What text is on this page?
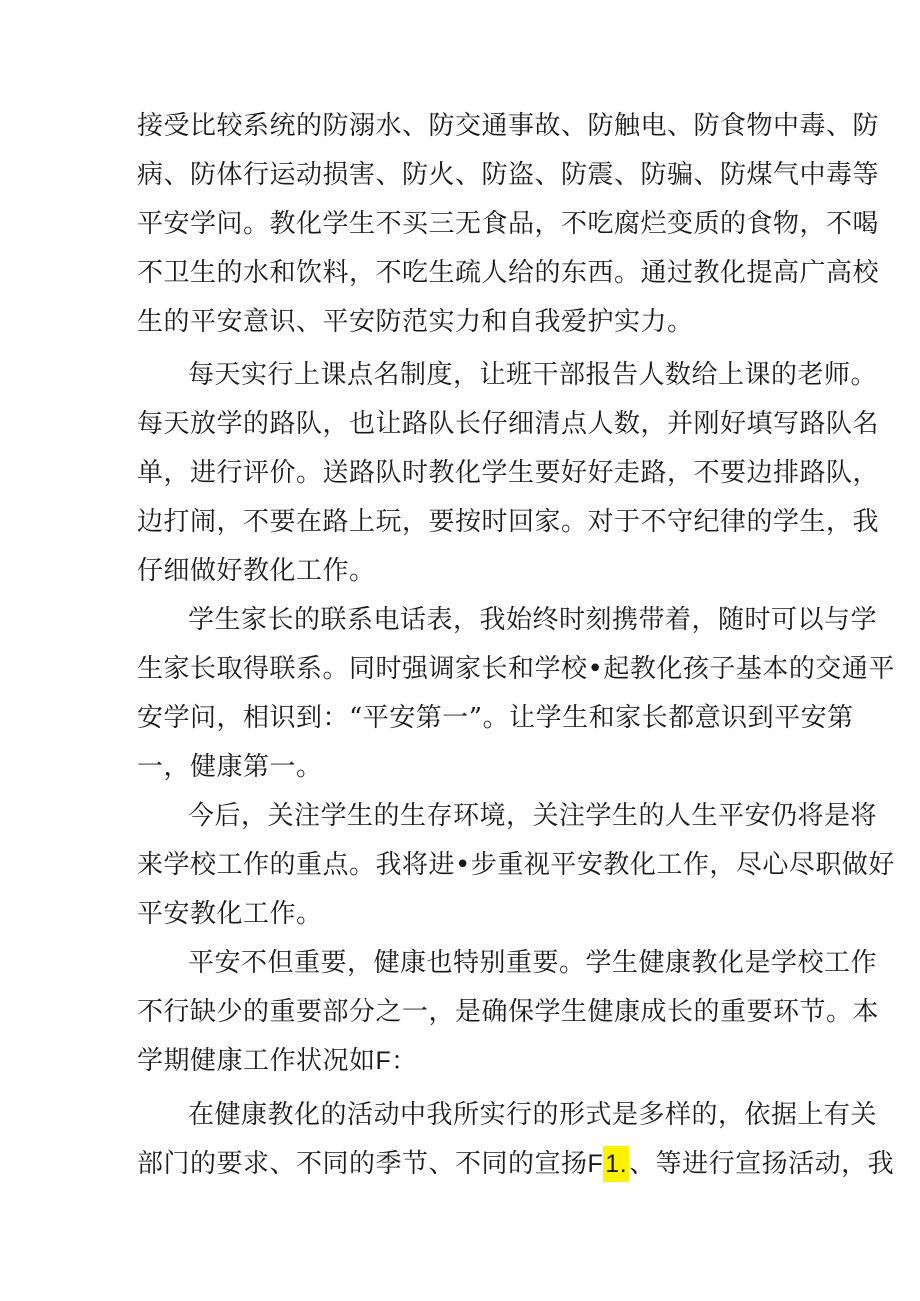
接受比较系统的防溺水、防交通事故、防触电、防食物中毒、防
病、防体行运动损害、防火、防盗、防震、防骗、防煤气中毒等
平安学问。教化学生不买三无食品，不吃腐烂变质的食物，不喝
不卫生的水和饮料，不吃生疏人给的东西。通过教化提高广高校
生的平安意识、平安防范实力和自我爱护实力。
每天实行上课点名制度，让班干部报告人数给上课的老师。
每天放学的路队，也让路队长仔细清点人数，并刚好填写路队名
单，进行评价。送路队时教化学生要好好走路，不要边排路队，
边打闹，不要在路上玩，要按时回家。对于不守纪律的学生，我
仔细做好教化工作。
学生家长的联系电话表，我始终时刻携带着，随时可以与学
生家长取得联系。同时强调家长和学校•起教化孩子基本的交通平
安学问，相识到：“平安第一”。让学生和家长都意识到平安第
一，健康第一。
今后，关注学生的生存环境，关注学生的人生平安仍将是将
来学校工作的重点。我将进•步重视平安教化工作，尽心尽职做好
平安教化工作。
平安不但重要，健康也特别重要。学生健康教化是学校工作
不行缺少的重要部分之一，是确保学生健康成长的重要环节。本
学期健康工作状况如F：
在健康教化的活动中我所实行的形式是多样的，依据上有关
部门的要求、不同的季节、不同的宣扬F1.、等进行宣扬活动，我
